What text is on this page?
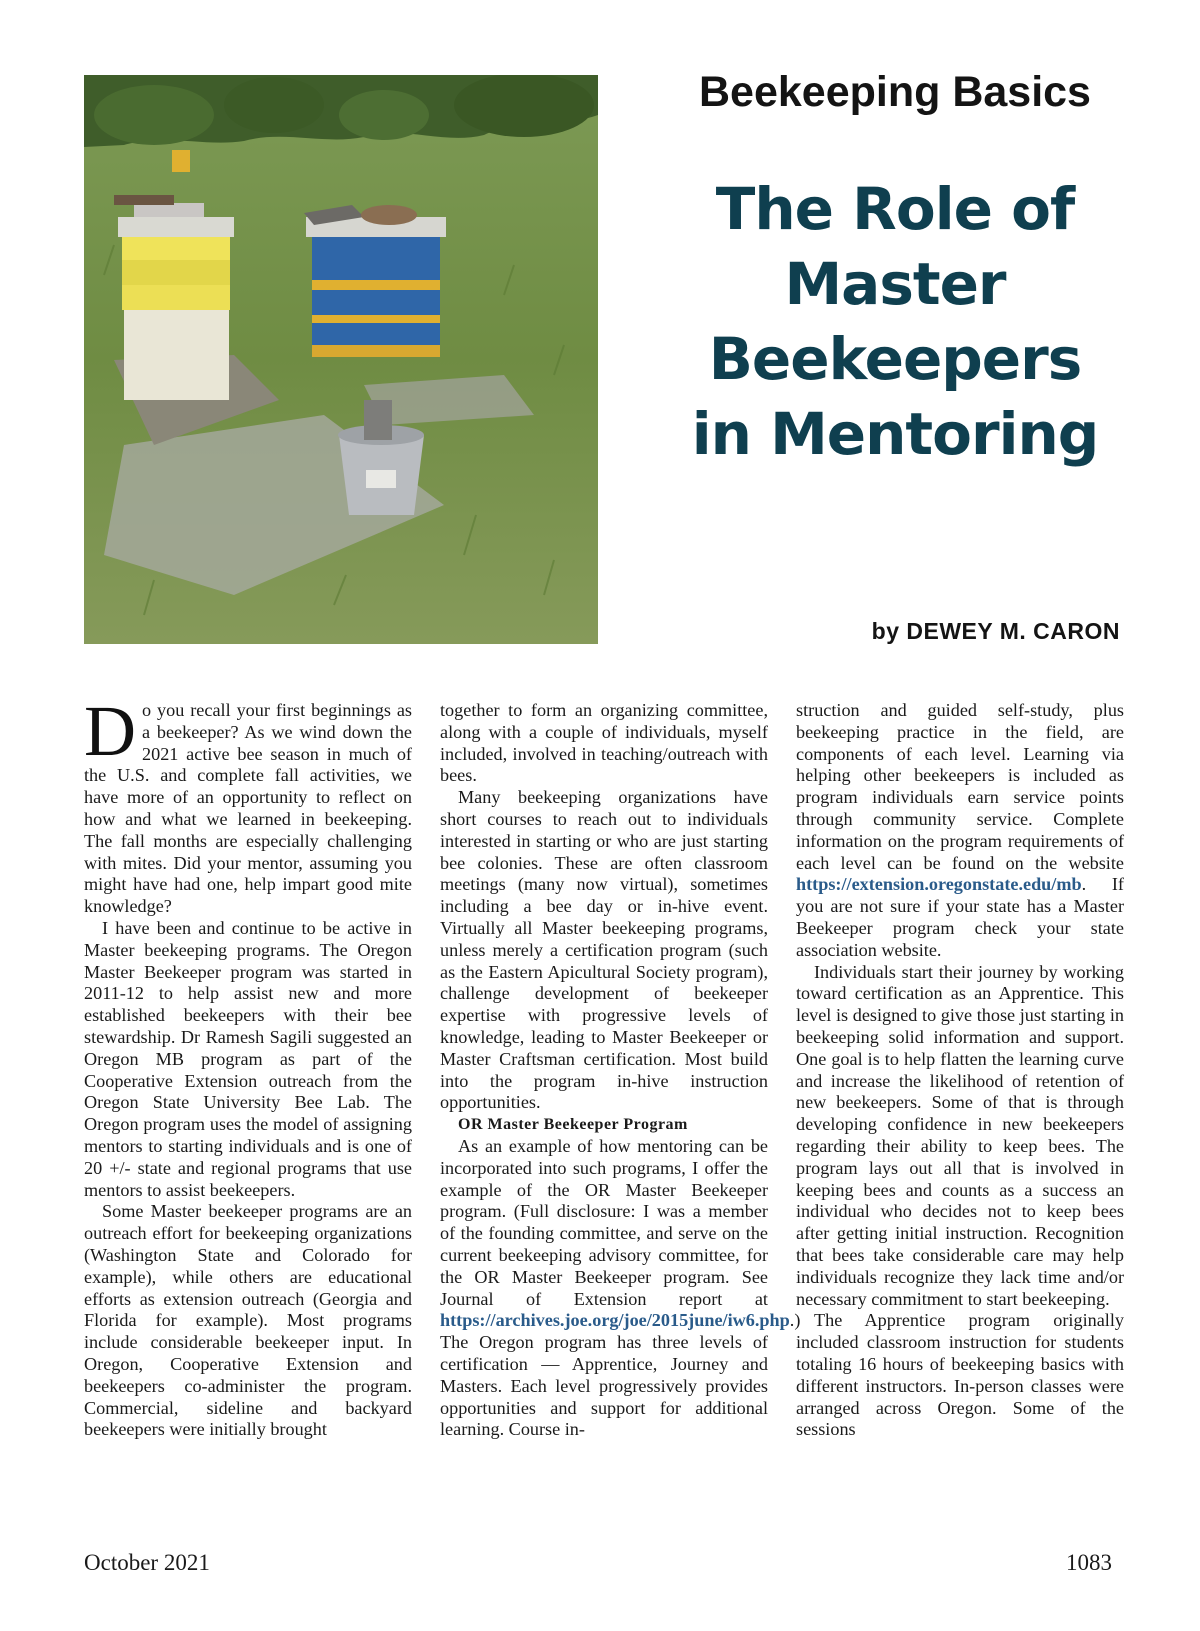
Beekeeping Basics
The Role of
Master
Beekeepers
in Mentoring
by DEWEY M. CARON

Do you recall your first beginnings as a beekeeper? As we wind down the 2021 active bee season in much of the U.S. and complete fall activities, we have more of an opportunity to reflect on how and what we learned in beekeeping. The fall months are especially challenging with mites. Did your mentor, assuming you might have had one, help impart good mite knowledge?

I have been and continue to be active in Master beekeeping programs. The Oregon Master Beekeeper program was started in 2011-12 to help assist new and more established beekeepers with their bee stewardship. Dr Ramesh Sagili suggested an Oregon MB program as part of the Cooperative Extension outreach from the Oregon State University Bee Lab. The Oregon program uses the model of assigning mentors to starting individuals and is one of 20 +/- state and regional programs that use mentors to assist beekeepers.

Some Master beekeeper programs are an outreach effort for beekeeping organizations (Washington State and Colorado for example), while others are educational efforts as extension outreach (Georgia and Florida for example). Most programs include considerable beekeeper input. In Oregon, Cooperative Extension and beekeepers co-administer the program. Commercial, sideline and backyard beekeepers were initially brought

together to form an organizing committee, along with a couple of individuals, myself included, involved in teaching/outreach with bees.

Many beekeeping organizations have short courses to reach out to individuals interested in starting or who are just starting bee colonies. These are often classroom meetings (many now virtual), sometimes including a bee day or in-hive event. Virtually all Master beekeeping programs, unless merely a certification program (such as the Eastern Apicultural Society program), challenge development of beekeeper expertise with progressive levels of knowledge, leading to Master Beekeeper or Master Craftsman certification. Most build into the program in-hive instruction opportunities.

OR Master Beekeeper Program

As an example of how mentoring can be incorporated into such programs, I offer the example of the OR Master Beekeeper program. (Full disclosure: I was a member of the founding committee, and serve on the current beekeeping advisory committee, for the OR Master Beekeeper program. See Journal of Extension report at https://archives.joe.org/joe/2015june/iw6.php.) The Oregon program has three levels of certification — Apprentice, Journey and Masters. Each level progressively provides opportunities and support for additional learning. Course in-

struction and guided self-study, plus beekeeping practice in the field, are components of each level. Learning via helping other beekeepers is included as program individuals earn service points through community service. Complete information on the program requirements of each level can be found on the website https://extension.oregonstate.edu/mb. If you are not sure if your state has a Master Beekeeper program check your state association website.

Individuals start their journey by working toward certification as an Apprentice. This level is designed to give those just starting in beekeeping solid information and support. One goal is to help flatten the learning curve and increase the likelihood of retention of new beekeepers. Some of that is through developing confidence in new beekeepers regarding their ability to keep bees. The program lays out all that is involved in keeping bees and counts as a success an individual who decides not to keep bees after getting initial instruction. Recognition that bees take considerable care may help individuals recognize they lack time and/or necessary commitment to start beekeeping.

The Apprentice program originally included classroom instruction for students totaling 16 hours of beekeeping basics with different instructors. In-person classes were arranged across Oregon. Some of the sessions

October 2021	1083
